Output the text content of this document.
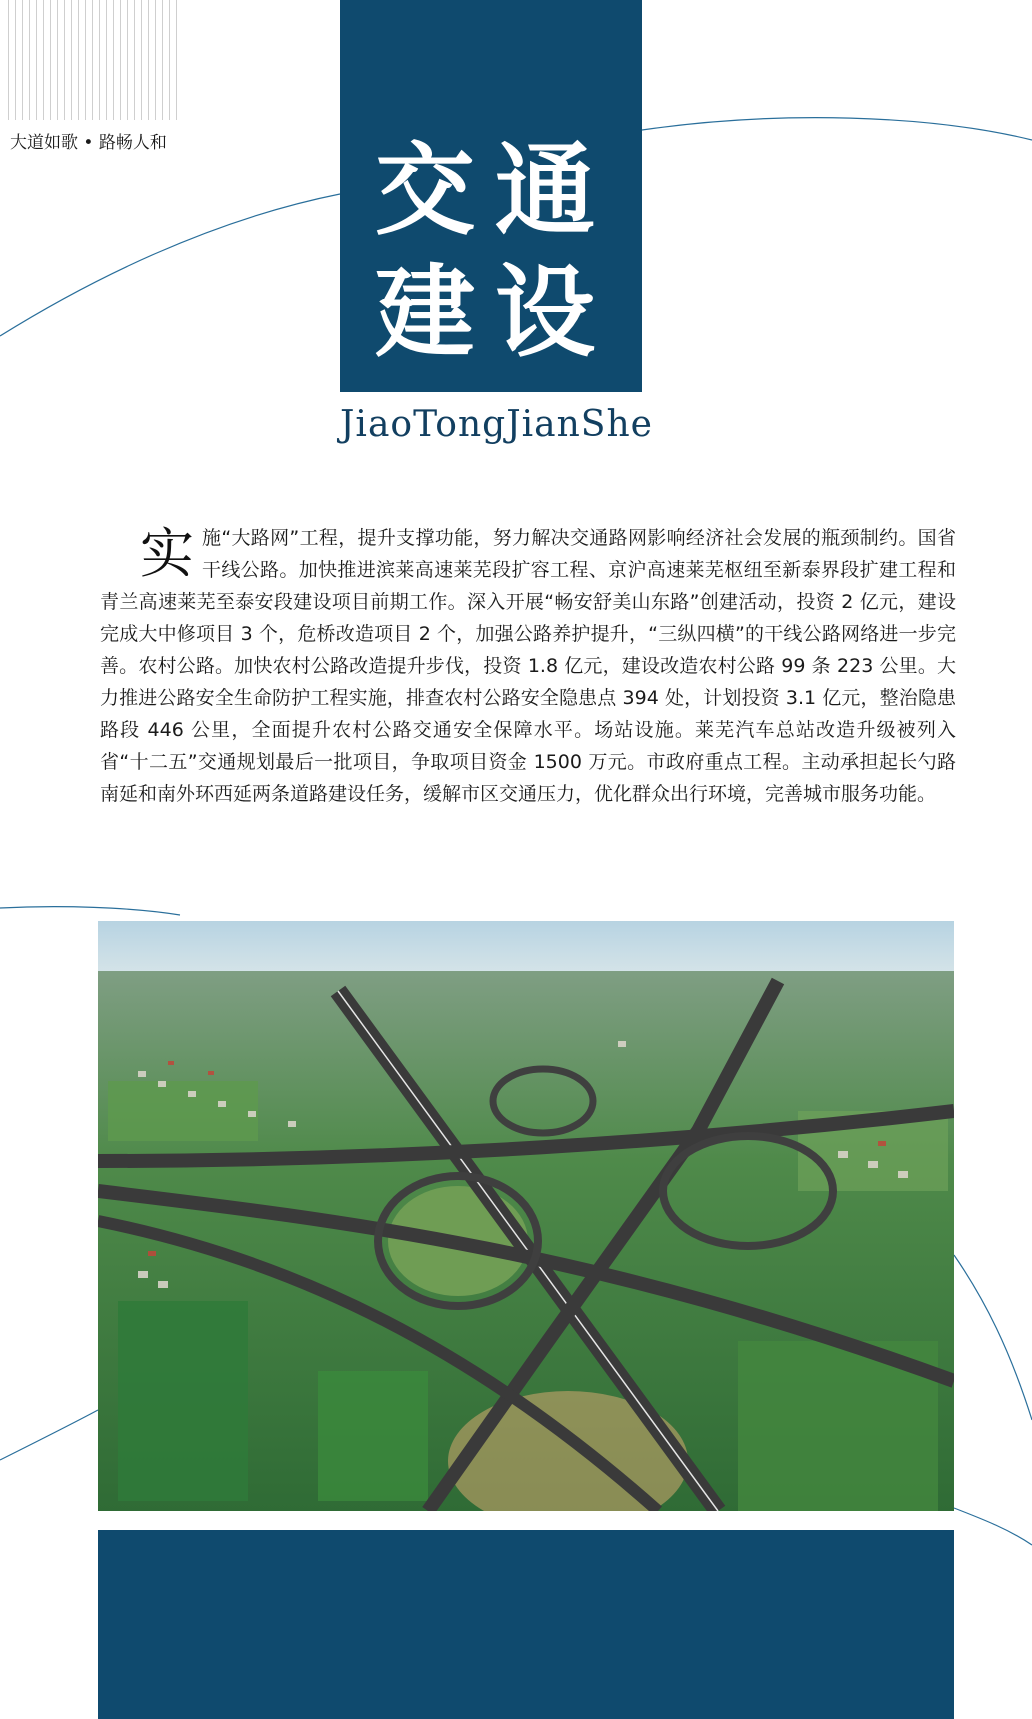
大道如歌 • 路畅人和 交 通
建 设
JiaoTongJianShe
实 施“大路网”工程，提升支撑功能，努力解决交通路网影响经济社会发展的瓶颈制约。国省干线公路。加快推进滨莱高速莱芜段扩容工程、京沪高速莱芜枢纽至新泰界段扩建工程和青兰高速莱芜至泰安段建设项目前期工作。深入开展“畅安舒美山东路”创建活动，投资 2 亿元，建设完成大中修项目 3 个，危桥改造项目 2 个，加强公路养护提升，“三纵四横”的干线公路网络进一步完善。农村公路。加快农村公路改造提升步伐，投资 1.8 亿元，建设改造农村公路 99 条 223 公里。大力推进公路安全生命防护工程实施，排查农村公路安全隐患点 394 处，计划投资 3.1 亿元，整治隐患路段 446 公里，全面提升农村公路交通安全保障水平。场站设施。莱芜汽车总站改造升级被列入省“十二五”交通规划最后一批项目，争取项目资金 1500 万元。市政府重点工程。主动承担起长勺路南延和南外环西延两条道路建设任务，缓解市区交通压力，优化群众出行环境，完善城市服务功能。
